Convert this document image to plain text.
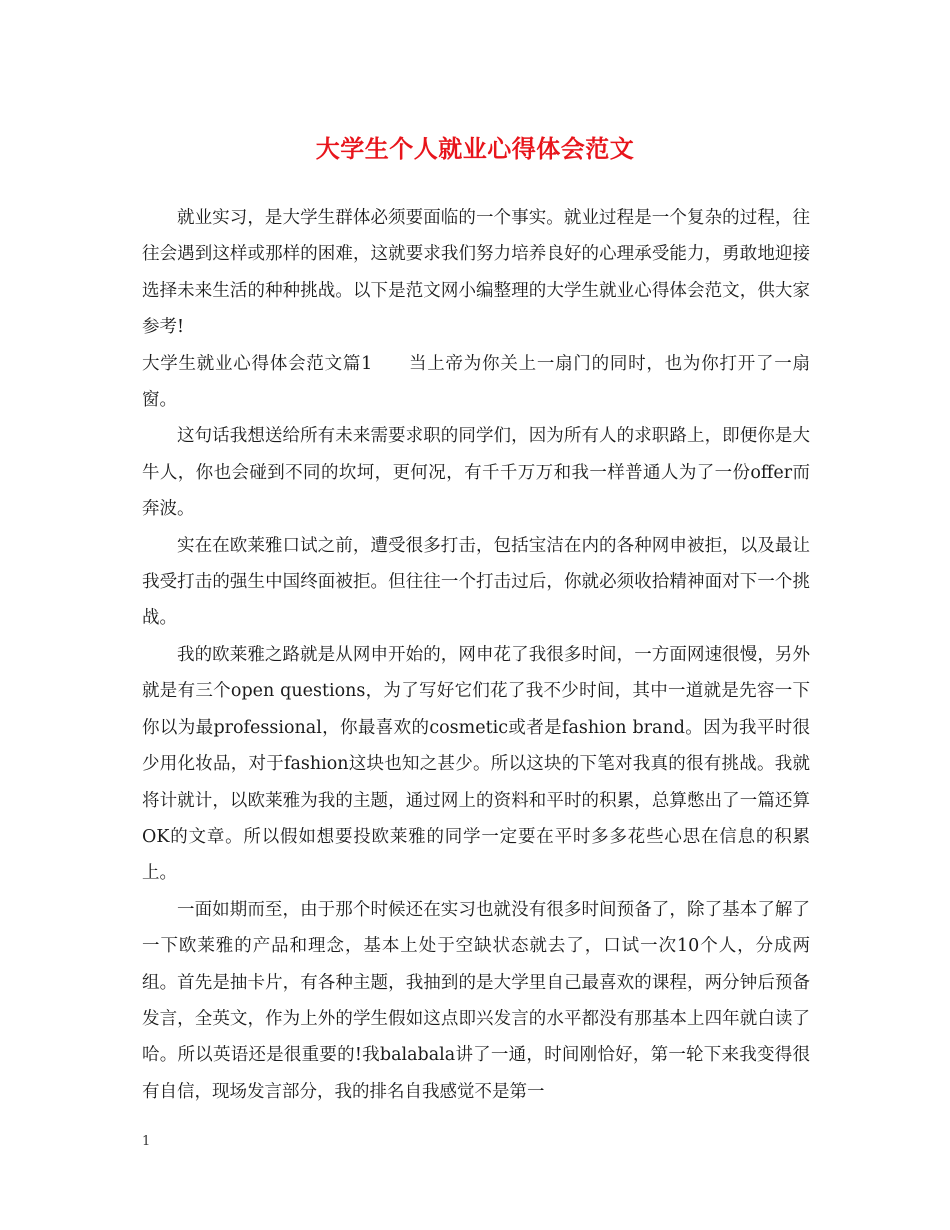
大学生个人就业心得体会范文

就业实习，是大学生群体必须要面临的一个事实。就业过程是一个复杂的过程，往往会遇到这样或那样的困难，这就要求我们努力培养良好的心理承受能力，勇敢地迎接选择未来生活的种种挑战。以下是范文网小编整理的大学生就业心得体会范文，供大家参考!

大学生就业心得体会范文篇1 当上帝为你关上一扇门的同时，也为你打开了一扇窗。

这句话我想送给所有未来需要求职的同学们，因为所有人的求职路上，即便你是大牛人，你也会碰到不同的坎坷，更何况，有千千万万和我一样普通人为了一份offer而奔波。

实在在欧莱雅口试之前，遭受很多打击，包括宝洁在内的各种网申被拒，以及最让我受打击的强生中国终面被拒。但往往一个打击过后，你就必须收拾精神面对下一个挑战。

我的欧莱雅之路就是从网申开始的，网申花了我很多时间，一方面网速很慢，另外就是有三个open questions，为了写好它们花了我不少时间，其中一道就是先容一下你以为最professional，你最喜欢的cosmetic或者是fashion brand。因为我平时很少用化妆品，对于fashion这块也知之甚少。所以这块的下笔对我真的很有挑战。我就将计就计，以欧莱雅为我的主题，通过网上的资料和平时的积累，总算憋出了一篇还算OK的文章。所以假如想要投欧莱雅的同学一定要在平时多多花些心思在信息的积累上。

一面如期而至，由于那个时候还在实习也就没有很多时间预备了，除了基本了解了一下欧莱雅的产品和理念，基本上处于空缺状态就去了，口试一次10个人，分成两组。首先是抽卡片，有各种主题，我抽到的是大学里自己最喜欢的课程，两分钟后预备发言，全英文，作为上外的学生假如这点即兴发言的水平都没有那基本上四年就白读了哈。所以英语还是很重要的!我balabala讲了一通，时间刚恰好，第一轮下来我变得很有自信，现场发言部分，我的排名自我感觉不是第一

1
